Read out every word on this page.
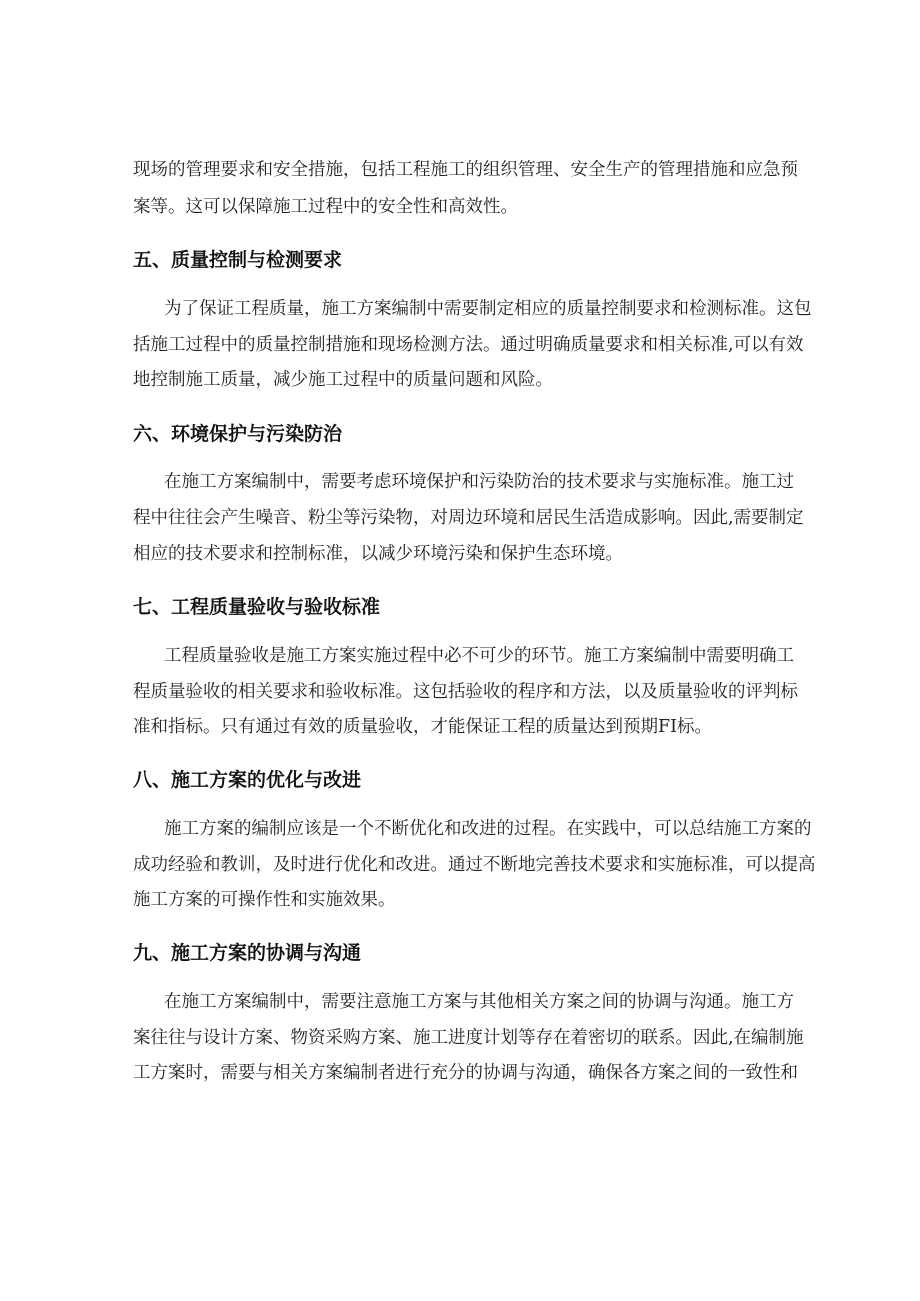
现场的管理要求和安全措施，包括工程施工的组织管理、安全生产的管理措施和应急预

案等。这可以保障施工过程中的安全性和高效性。

五、质量控制与检测要求

为了保证工程质量，施工方案编制中需要制定相应的质量控制要求和检测标准。这包

括施工过程中的质量控制措施和现场检测方法。通过明确质量要求和相关标准,可以有效

地控制施工质量，减少施工过程中的质量问题和风险。

六、环境保护与污染防治

在施工方案编制中，需要考虑环境保护和污染防治的技术要求与实施标准。施工过

程中往往会产生噪音、粉尘等污染物，对周边环境和居民生活造成影响。因此,需要制定

相应的技术要求和控制标准，以减少环境污染和保护生态环境。

七、工程质量验收与验收标准

工程质量验收是施工方案实施过程中必不可少的环节。施工方案编制中需要明确工

程质量验收的相关要求和验收标准。这包括验收的程序和方法，以及质量验收的评判标

准和指标。只有通过有效的质量验收，才能保证工程的质量达到预期FI标。

八、施工方案的优化与改进

施工方案的编制应该是一个不断优化和改进的过程。在实践中，可以总结施工方案的

成功经验和教训，及时进行优化和改进。通过不断地完善技术要求和实施标准，可以提高

施工方案的可操作性和实施效果。

九、施工方案的协调与沟通

在施工方案编制中，需要注意施工方案与其他相关方案之间的协调与沟通。施工方

案往往与设计方案、物资采购方案、施工进度计划等存在着密切的联系。因此,在编制施

工方案时，需要与相关方案编制者进行充分的协调与沟通，确保各方案之间的一致性和
